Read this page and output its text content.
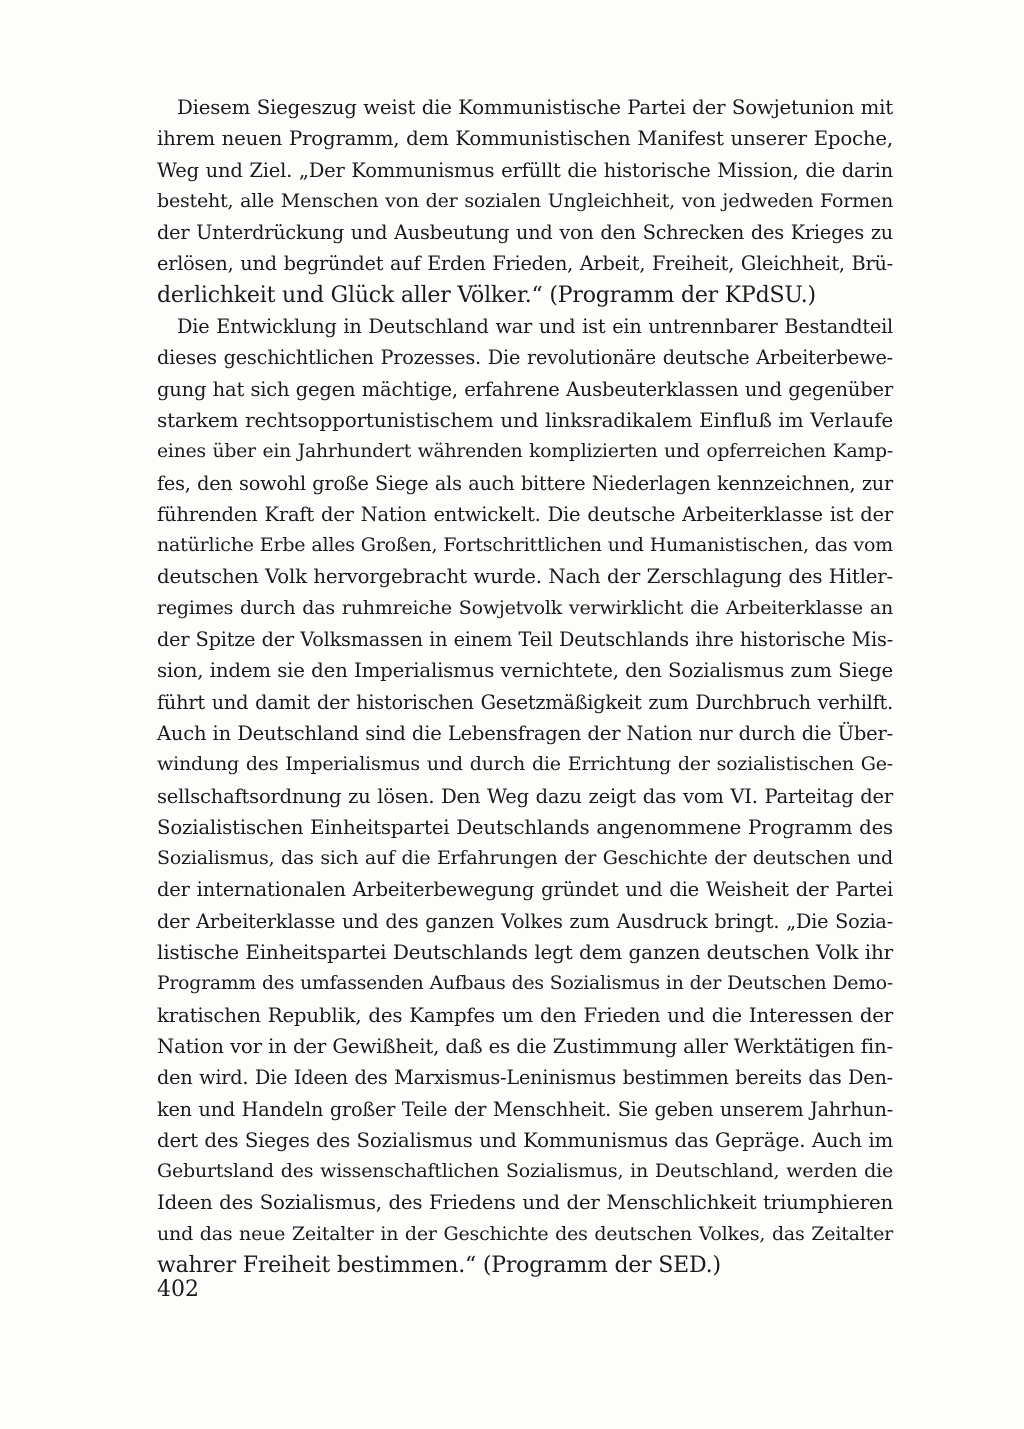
Diesem Siegeszug weist die Kommunistische Partei der Sowjetunion mit
ihrem neuen Programm, dem Kommunistischen Manifest unserer Epoche,
Weg und Ziel. „Der Kommunismus erfüllt die historische Mission, die darin
besteht, alle Menschen von der sozialen Ungleichheit, von jedweden Formen
der Unterdrückung und Ausbeutung und von den Schrecken des Krieges zu
erlösen, und begründet auf Erden Frieden, Arbeit, Freiheit, Gleichheit, Brü-
derlichkeit und Glück aller Völker.“ (Programm der KPdSU.)
Die Entwicklung in Deutschland war und ist ein untrennbarer Bestandteil
dieses geschichtlichen Prozesses. Die revolutionäre deutsche Arbeiterbewe-
gung hat sich gegen mächtige, erfahrene Ausbeuterklassen und gegenüber
starkem rechtsopportunistischem und linksradikalem Einfluß im Verlaufe
eines über ein Jahrhundert währenden komplizierten und opferreichen Kamp-
fes, den sowohl große Siege als auch bittere Niederlagen kennzeichnen, zur
führenden Kraft der Nation entwickelt. Die deutsche Arbeiterklasse ist der
natürliche Erbe alles Großen, Fortschrittlichen und Humanistischen, das vom
deutschen Volk hervorgebracht wurde. Nach der Zerschlagung des Hitler-
regimes durch das ruhmreiche Sowjetvolk verwirklicht die Arbeiterklasse an
der Spitze der Volksmassen in einem Teil Deutschlands ihre historische Mis-
sion, indem sie den Imperialismus vernichtete, den Sozialismus zum Siege
führt und damit der historischen Gesetzmäßigkeit zum Durchbruch verhilft.
Auch in Deutschland sind die Lebensfragen der Nation nur durch die Über-
windung des Imperialismus und durch die Errichtung der sozialistischen Ge-
sellschaftsordnung zu lösen. Den Weg dazu zeigt das vom VI. Parteitag der
Sozialistischen Einheitspartei Deutschlands angenommene Programm des
Sozialismus, das sich auf die Erfahrungen der Geschichte der deutschen und
der internationalen Arbeiterbewegung gründet und die Weisheit der Partei
der Arbeiterklasse und des ganzen Volkes zum Ausdruck bringt. „Die Sozia-
listische Einheitspartei Deutschlands legt dem ganzen deutschen Volk ihr
Programm des umfassenden Aufbaus des Sozialismus in der Deutschen Demo-
kratischen Republik, des Kampfes um den Frieden und die Interessen der
Nation vor in der Gewißheit, daß es die Zustimmung aller Werktätigen fin-
den wird. Die Ideen des Marxismus-Leninismus bestimmen bereits das Den-
ken und Handeln großer Teile der Menschheit. Sie geben unserem Jahrhun-
dert des Sieges des Sozialismus und Kommunismus das Gepräge. Auch im
Geburtsland des wissenschaftlichen Sozialismus, in Deutschland, werden die
Ideen des Sozialismus, des Friedens und der Menschlichkeit triumphieren
und das neue Zeitalter in der Geschichte des deutschen Volkes, das Zeitalter
wahrer Freiheit bestimmen.“ (Programm der SED.)
402
